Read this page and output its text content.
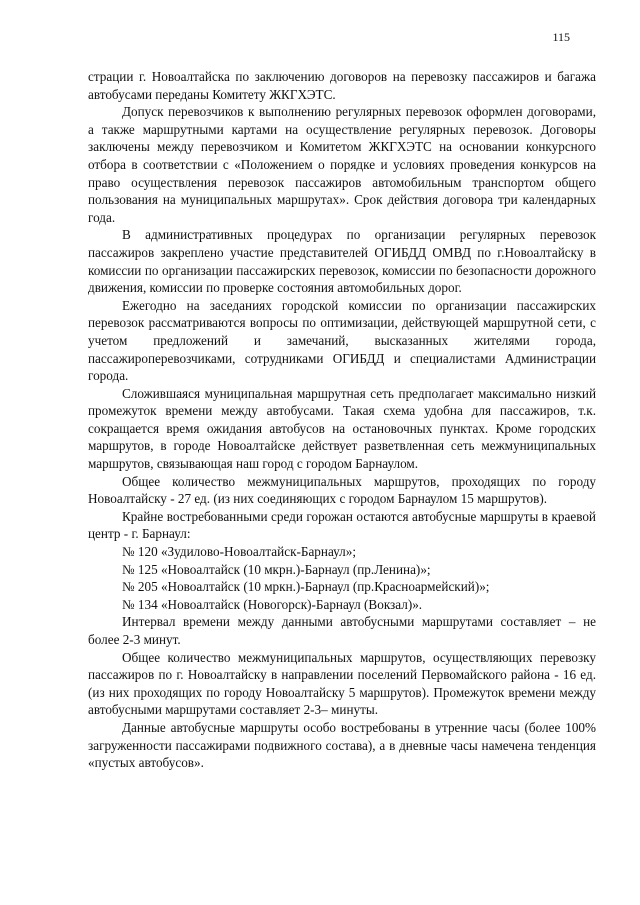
115

страции г. Новоалтайска по заключению договоров на перевозку пассажиров и багажа автобусами переданы Комитету ЖКГХЭТС.

Допуск перевозчиков к выполнению регулярных перевозок оформлен договорами, а также маршрутными картами на осуществление регулярных перевозок. Договоры заключены между перевозчиком и Комитетом ЖКГХЭТС на основании конкурсного отбора в соответствии с «Положением о порядке и условиях проведения конкурсов на право осуществления перевозок пассажиров автомобильным транспортом общего пользования на муниципальных маршрутах». Срок действия договора три календарных года.

В административных процедурах по организации регулярных перевозок пассажиров закреплено участие представителей ОГИБДД ОМВД по г.Новоалтайску в комиссии по организации пассажирских перевозок, комиссии по безопасности дорожного движения, комиссии по проверке состояния автомобильных дорог.

Ежегодно на заседаниях городской комиссии по организации пассажирских перевозок рассматриваются вопросы по оптимизации, действующей маршрутной сети, с учетом предложений и замечаний, высказанных жителями города, пассажироперевозчиками, сотрудниками ОГИБДД и специалистами Администрации города.

Сложившаяся муниципальная маршрутная сеть предполагает максимально низкий промежуток времени между автобусами. Такая схема удобна для пассажиров, т.к. сокращается время ожидания автобусов на остановочных пунктах. Кроме городских маршрутов, в городе Новоалтайске действует разветвленная сеть межмуниципальных маршрутов, связывающая наш город с городом Барнаулом.

Общее количество межмуниципальных маршрутов, проходящих по городу Новоалтайску - 27 ед. (из них соединяющих с городом Барнаулом 15 маршрутов).

Крайне востребованными среди горожан остаются автобусные маршруты в краевой центр - г. Барнаул:

№ 120 «Зудилово-Новоалтайск-Барнаул»;

№ 125 «Новоалтайск (10 мкрн.)-Барнаул (пр.Ленина)»;

№ 205 «Новоалтайск (10 мркн.)-Барнаул (пр.Красноармейский)»;

№ 134 «Новоалтайск (Новогорск)-Барнаул (Вокзал)».

Интервал времени между данными автобусными маршрутами составляет – не более 2-3 минут.

Общее количество межмуниципальных маршрутов, осуществляющих перевозку пассажиров по г. Новоалтайску в направлении поселений Первомайского района - 16 ед. (из них проходящих по городу Новоалтайску 5 маршрутов). Промежуток времени между автобусными маршрутами составляет 2-3– минуты.

Данные автобусные маршруты особо востребованы в утренние часы (более 100% загруженности пассажирами подвижного состава), а в дневные часы намечена тенденция «пустых автобусов».
